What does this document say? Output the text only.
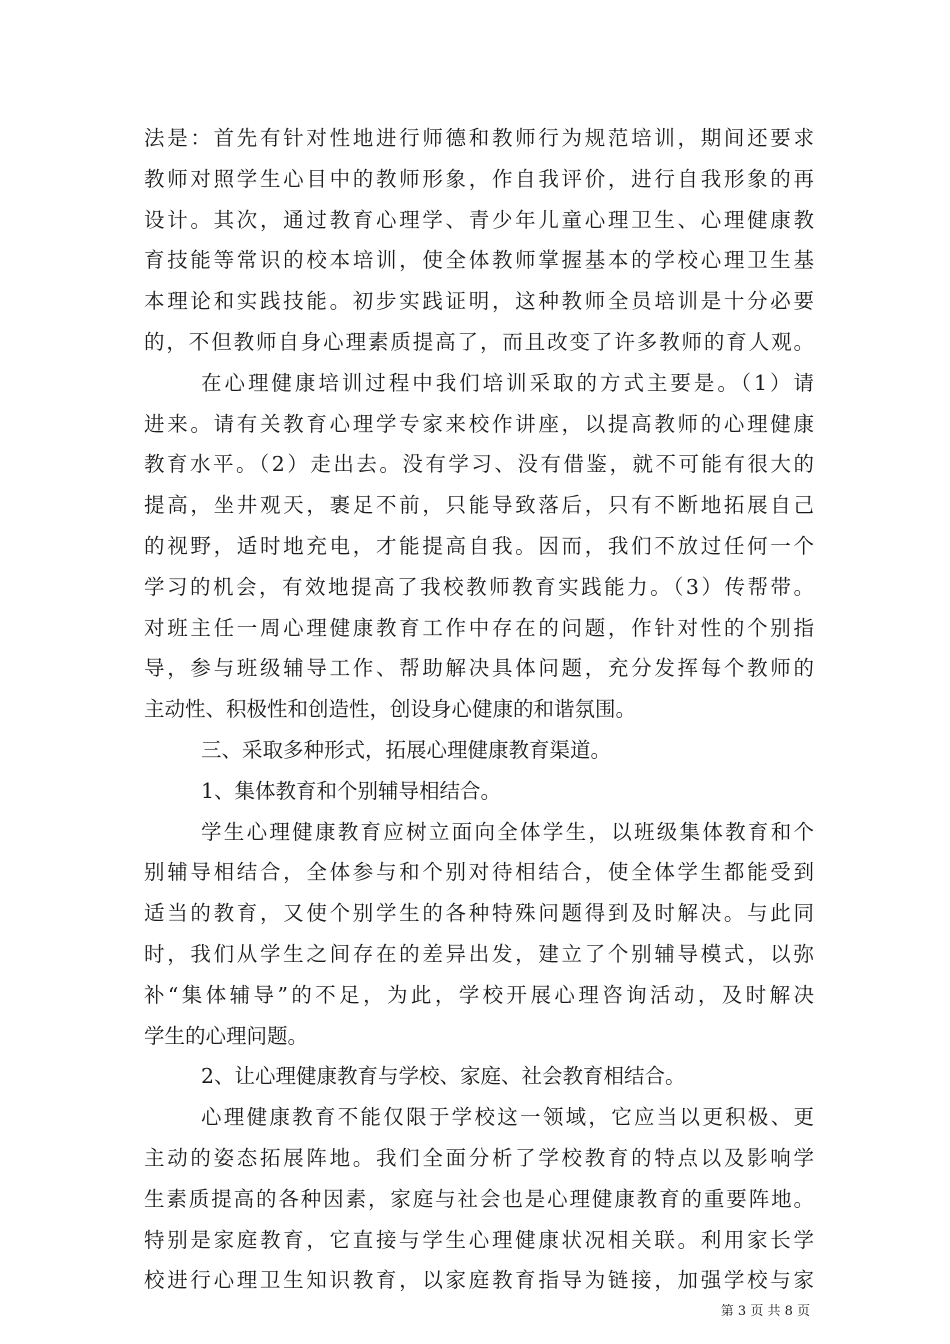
法是：首先有针对性地进行师德和教师行为规范培训，期间还要求
教师对照学生心目中的教师形象，作自我评价，进行自我形象的再
设计。其次，通过教育心理学、青少年儿童心理卫生、心理健康教
育技能等常识的校本培训，使全体教师掌握基本的学校心理卫生基
本理论和实践技能。初步实践证明，这种教师全员培训是十分必要
的，不但教师自身心理素质提高了，而且改变了许多教师的育人观。
在心理健康培训过程中我们培训采取的方式主要是。（1）请
进来。请有关教育心理学专家来校作讲座，以提高教师的心理健康
教育水平。（2）走出去。没有学习、没有借鉴，就不可能有很大的
提高，坐井观天，裹足不前，只能导致落后，只有不断地拓展自己
的视野，适时地充电，才能提高自我。因而，我们不放过任何一个
学习的机会，有效地提高了我校教师教育实践能力。（3）传帮带。
对班主任一周心理健康教育工作中存在的问题，作针对性的个别指
导，参与班级辅导工作、帮助解决具体问题，充分发挥每个教师的
主动性、积极性和创造性，创设身心健康的和谐氛围。
三、采取多种形式，拓展心理健康教育渠道。
1、集体教育和个别辅导相结合。
学生心理健康教育应树立面向全体学生，以班级集体教育和个
别辅导相结合，全体参与和个别对待相结合，使全体学生都能受到
适当的教育，又使个别学生的各种特殊问题得到及时解决。与此同
时，我们从学生之间存在的差异出发，建立了个别辅导模式，以弥
补“集体辅导”的不足，为此，学校开展心理咨询活动，及时解决
学生的心理问题。
2、让心理健康教育与学校、家庭、社会教育相结合。
心理健康教育不能仅限于学校这一领域，它应当以更积极、更
主动的姿态拓展阵地。我们全面分析了学校教育的特点以及影响学
生素质提高的各种因素，家庭与社会也是心理健康教育的重要阵地。
特别是家庭教育，它直接与学生心理健康状况相关联。利用家长学
校进行心理卫生知识教育，以家庭教育指导为链接，加强学校与家
第 3 页 共 8 页
